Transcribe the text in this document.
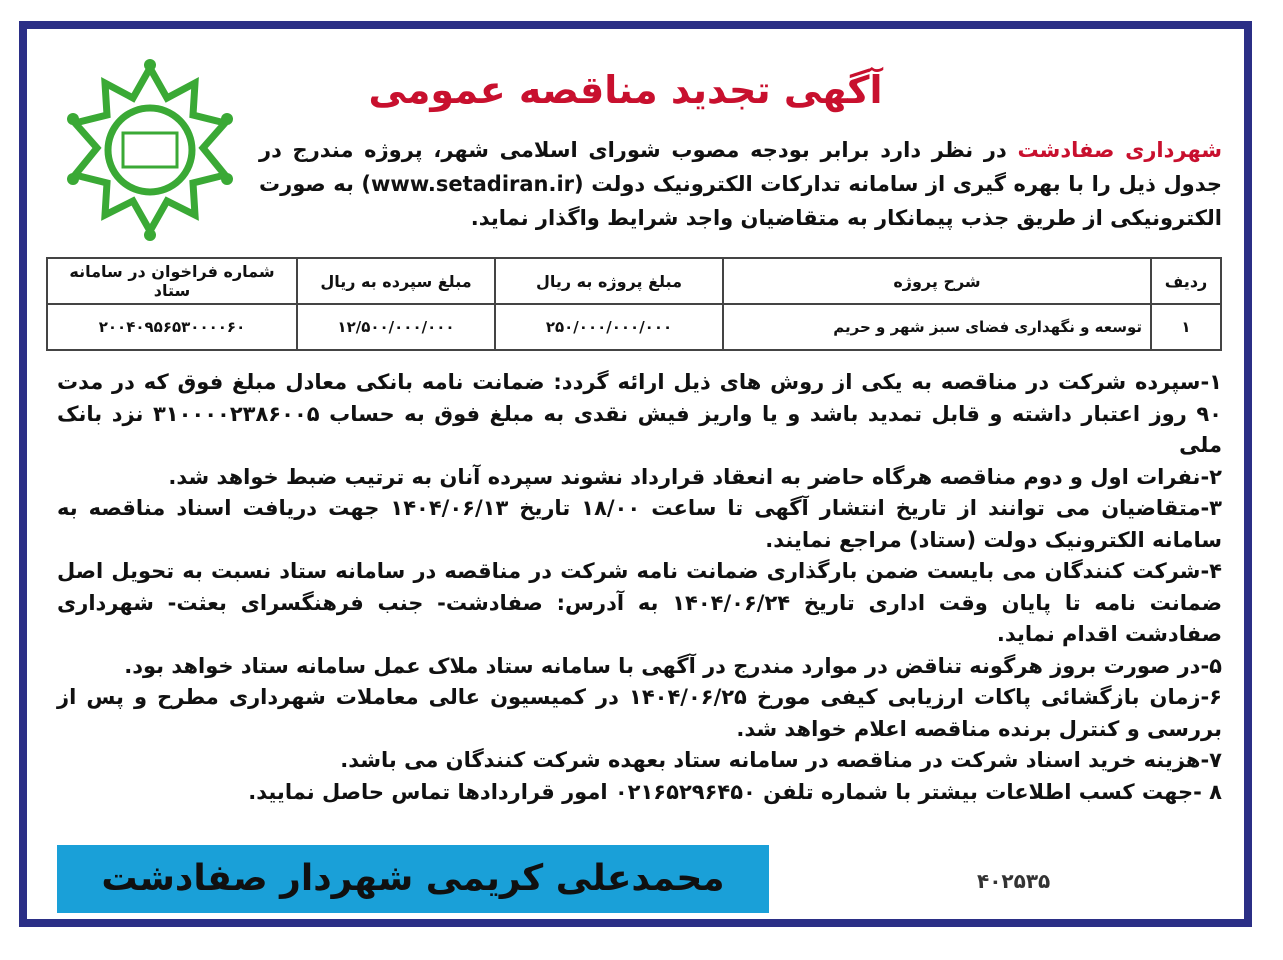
آگهی تجدید مناقصه عمومی
شهرداری صفادشت در نظر دارد برابر بودجه مصوب شورای اسلامی شهر، پروژه مندرج در جدول ذیل را با بهره گیری از سامانه تدارکات الکترونیک دولت (www.setadiran.ir) به صورت الکترونیکی از طریق جذب پیمانکار به متقاضیان واجد شرایط واگذار نماید.
ردیف	شرح پروژه	مبلغ پروژه به ریال	مبلغ سپرده به ریال	شماره فراخوان در سامانه ستاد
۱	توسعه و نگهداری فضای سبز شهر و حریم	۲۵۰/۰۰۰/۰۰۰/۰۰۰	۱۲/۵۰۰/۰۰۰/۰۰۰	۲۰۰۴۰۹۵۶۵۳۰۰۰۰۶۰

۱-سپرده شرکت در مناقصه به یکی از روش های ذیل ارائه گردد: ضمانت نامه بانکی معادل مبلغ فوق که در مدت ۹۰ روز اعتبار داشته و قابل تمدید باشد و یا واریز فیش نقدی به مبلغ فوق به حساب ۳۱۰۰۰۰۲۳۸۶۰۰۵ نزد بانک ملی

۲-نفرات اول و دوم مناقصه هرگاه حاضر به انعقاد قرارداد نشوند سپرده آنان به ترتیب ضبط خواهد شد.

۳-متقاضیان می توانند از تاریخ انتشار آگهی تا ساعت ۱۸/۰۰ تاریخ ۱۴۰۴/۰۶/۱۳ جهت دریافت اسناد مناقصه به سامانه الکترونیک دولت (ستاد) مراجع نمایند.

۴-شرکت کنندگان می بایست ضمن بارگذاری ضمانت نامه شرکت در مناقصه در سامانه ستاد نسبت به تحویل اصل ضمانت نامه تا پایان وقت اداری تاریخ ۱۴۰۴/۰۶/۲۴ به آدرس: صفادشت- جنب فرهنگسرای بعثت- شهرداری صفادشت اقدام نماید.

۵-در صورت بروز هرگونه تناقض در موارد مندرج در آگهی با سامانه ستاد ملاک عمل سامانه ستاد خواهد بود.

۶-زمان بازگشائی پاکات ارزیابی کیفی مورخ ۱۴۰۴/۰۶/۲۵ در کمیسیون عالی معاملات شهرداری مطرح و پس از بررسی و کنترل برنده مناقصه اعلام خواهد شد.

۷-هزینه خرید اسناد شرکت در مناقصه در سامانه ستاد بعهده شرکت کنندگان می باشد.

۸ -جهت کسب اطلاعات بیشتر با شماره تلفن ۰۲۱۶۵۲۹۶۴۵۰ امور قراردادها تماس حاصل نمایید.

محمدعلی کریمی شهردار صفادشت	۴۰۲۵۳۵
